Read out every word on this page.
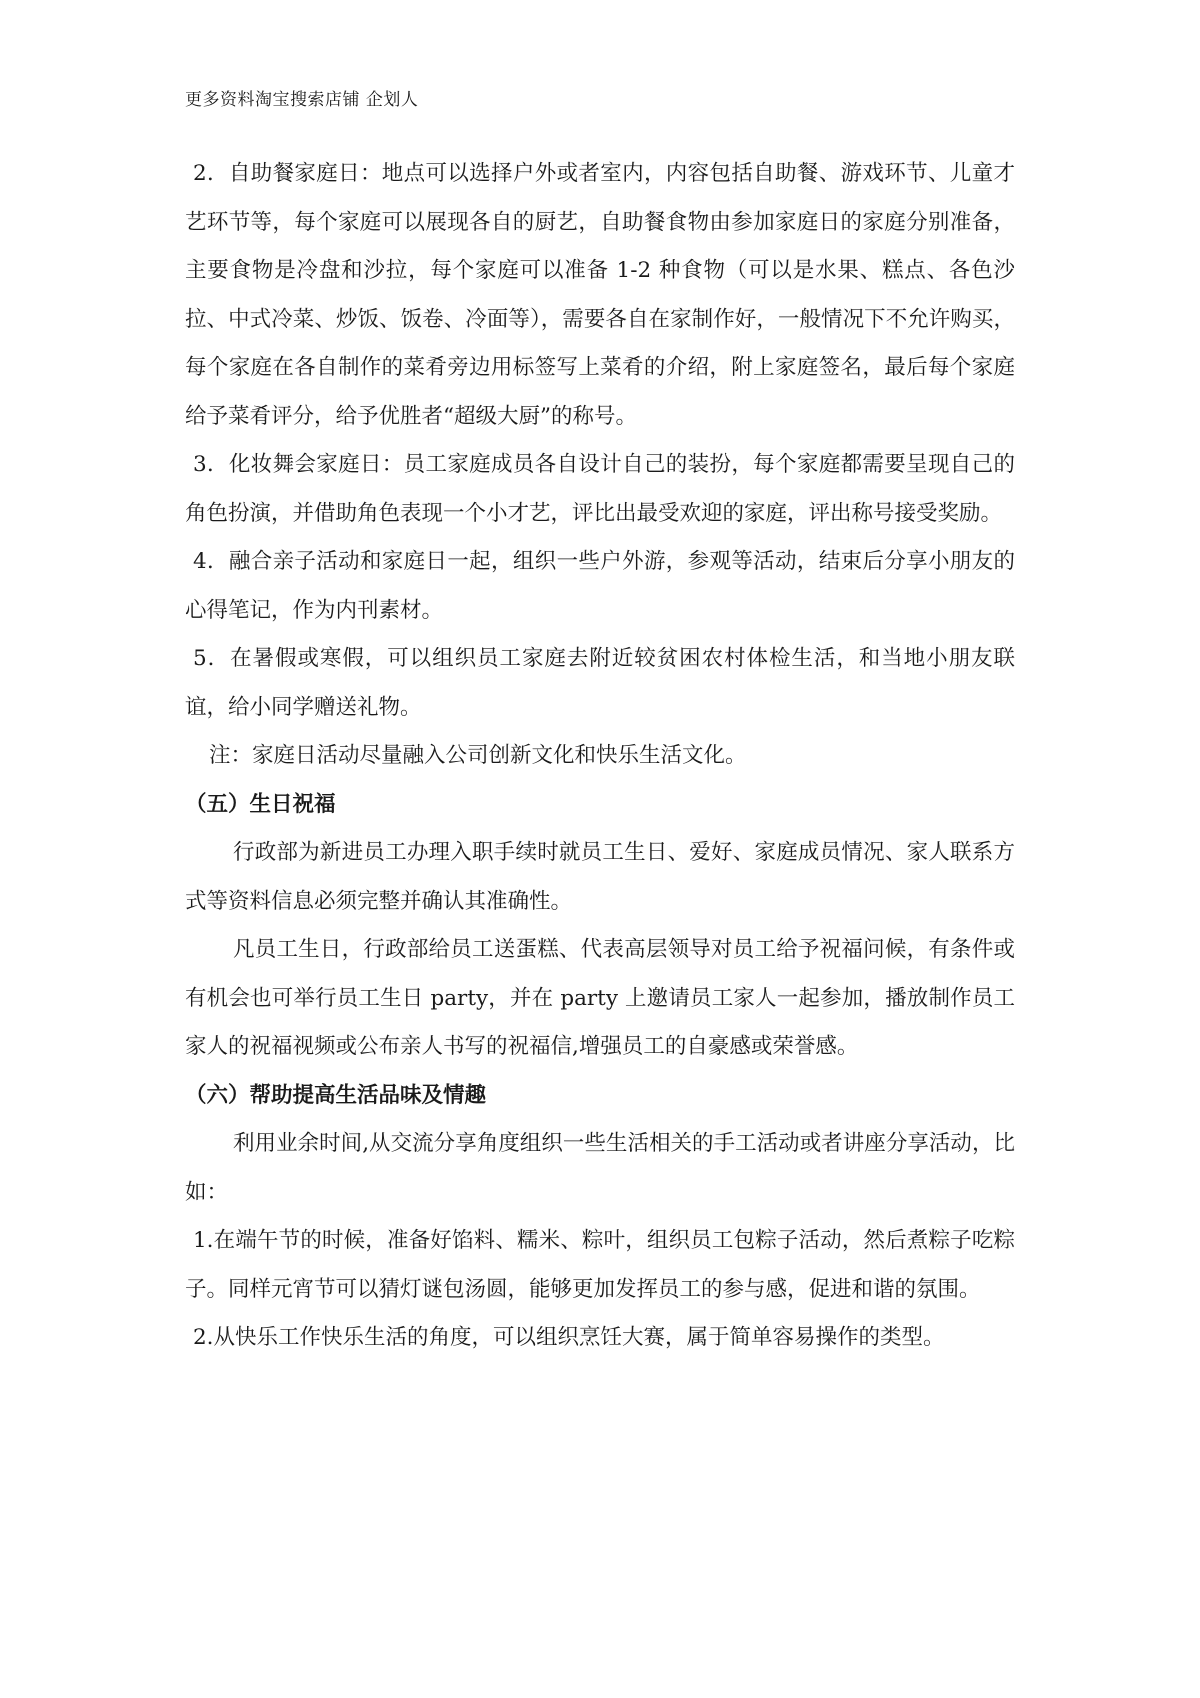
更多资料淘宝搜索店铺 企划人

2．自助餐家庭日：地点可以选择户外或者室内，内容包括自助餐、游戏环节、儿童才艺环节等，每个家庭可以展现各自的厨艺，自助餐食物由参加家庭日的家庭分别准备，主要食物是冷盘和沙拉，每个家庭可以准备 1-2 种食物（可以是水果、糕点、各色沙拉、中式冷菜、炒饭、饭卷、冷面等），需要各自在家制作好，一般情况下不允许购买，每个家庭在各自制作的菜肴旁边用标签写上菜肴的介绍，附上家庭签名，最后每个家庭给予菜肴评分，给予优胜者“超级大厨”的称号。

3．化妆舞会家庭日：员工家庭成员各自设计自己的装扮，每个家庭都需要呈现自己的角色扮演，并借助角色表现一个小才艺，评比出最受欢迎的家庭，评出称号接受奖励。

4．融合亲子活动和家庭日一起，组织一些户外游，参观等活动，结束后分享小朋友的心得笔记，作为内刊素材。

5．在暑假或寒假，可以组织员工家庭去附近较贫困农村体检生活，和当地小朋友联谊，给小同学赠送礼物。

注：家庭日活动尽量融入公司创新文化和快乐生活文化。

（五）生日祝福

行政部为新进员工办理入职手续时就员工生日、爱好、家庭成员情况、家人联系方式等资料信息必须完整并确认其准确性。

凡员工生日，行政部给员工送蛋糕、代表高层领导对员工给予祝福问候，有条件或有机会也可举行员工生日 party，并在 party 上邀请员工家人一起参加，播放制作员工家人的祝福视频或公布亲人书写的祝福信,增强员工的自豪感或荣誉感。

（六）帮助提高生活品味及情趣

利用业余时间,从交流分享角度组织一些生活相关的手工活动或者讲座分享活动，比如：

1.在端午节的时候，准备好馅料、糯米、粽叶，组织员工包粽子活动，然后煮粽子吃粽子。同样元宵节可以猜灯谜包汤圆，能够更加发挥员工的参与感，促进和谐的氛围。

2.从快乐工作快乐生活的角度，可以组织烹饪大赛，属于简单容易操作的类型。
